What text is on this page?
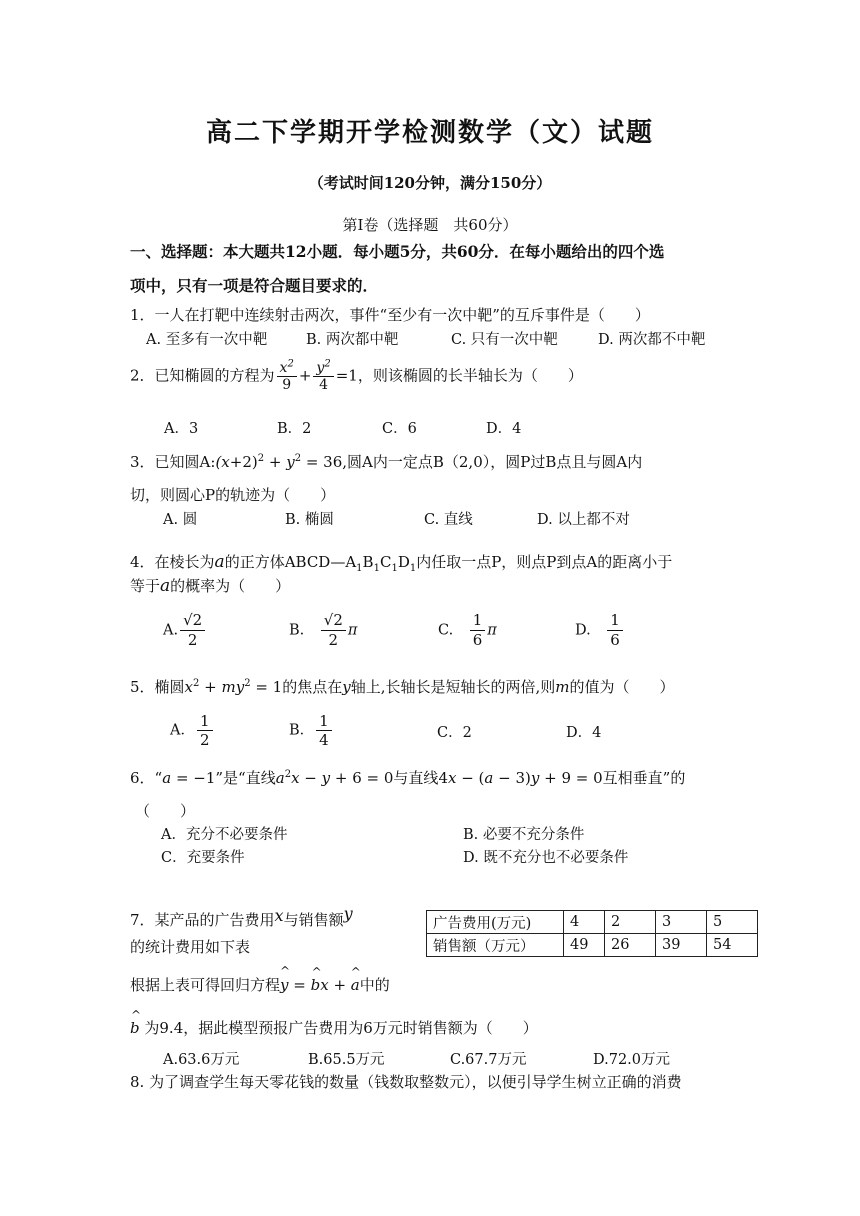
高二下学期开学检测数学（文）试题
（考试时间120分钟，满分150分）
第Ⅰ卷（选择题　共60分）
一、选择题：本大题共12小题．每小题5分，共60分．在每小题给出的四个选
项中，只有一项是符合题目要求的．
1．一人在打靶中连续射击两次，事件“至少有一次中靶”的互斥事件是（　　）
A. 至多有一次中靶	B. 两次都中靶	C. 只有一次中靶	D. 两次都不中靶
2．已知椭圆的方程为 $\frac{x^2}{9} + \frac{y^2}{4} =1$，则该椭圆的长半轴长为（　　）
A．3	B．2	C．6	D．4
3．已知圆$A:(x+2)^2 + y^2 = 36$,圆A内一定点B（2,0），圆P过B点且与圆A内
切，则圆心P的轨迹为（　　）
A. 圆	B. 椭圆	C. 直线	D. 以上都不对
4．在棱长为a的正方体$ABCD—A_1B_1C_1D_1$内任取一点P，则点P到点A的距离小于
等于a的概率为（　　）
A. $\frac{√2}{2}$	B.　 $\frac{√2}{2}$ π	C.　 $\frac{1}{6}$ π	D.　 $\frac{1}{6}$
5．椭圆$x^2 + my^2 = 1$的焦点在y轴上,长轴长是短轴长的两倍,则m的值为（　　）
A． $\frac{1}{2}$	B． $\frac{1}{4}$	C．2	D．4
6．“a = −1”是“直线$a^2x - y + 6 = 0$与直线4x − (a − 3)y + 9 = 0互相垂直”的
（　　）
A．充分不必要条件	B. 必要不充分条件
C．充要条件	D. 既不充分也不必要条件
7．某产品的广告费用x与销售额y
的统计费用如下表
广告费用(万元)	4	2	3	5
销售额（万元）	49	26	39	54
根据上表可得回归方程y
^
= b
^
x + a
^
中的
b
^
为9.4，据此模型预报广告费用为6万元时销售额为（　　）
A.63.6万元	B.65.5万元	C.67.7万元	D.72.0万元
8. 为了调查学生每天零花钱的数量（钱数取整数元），以便引导学生树立正确的消费
